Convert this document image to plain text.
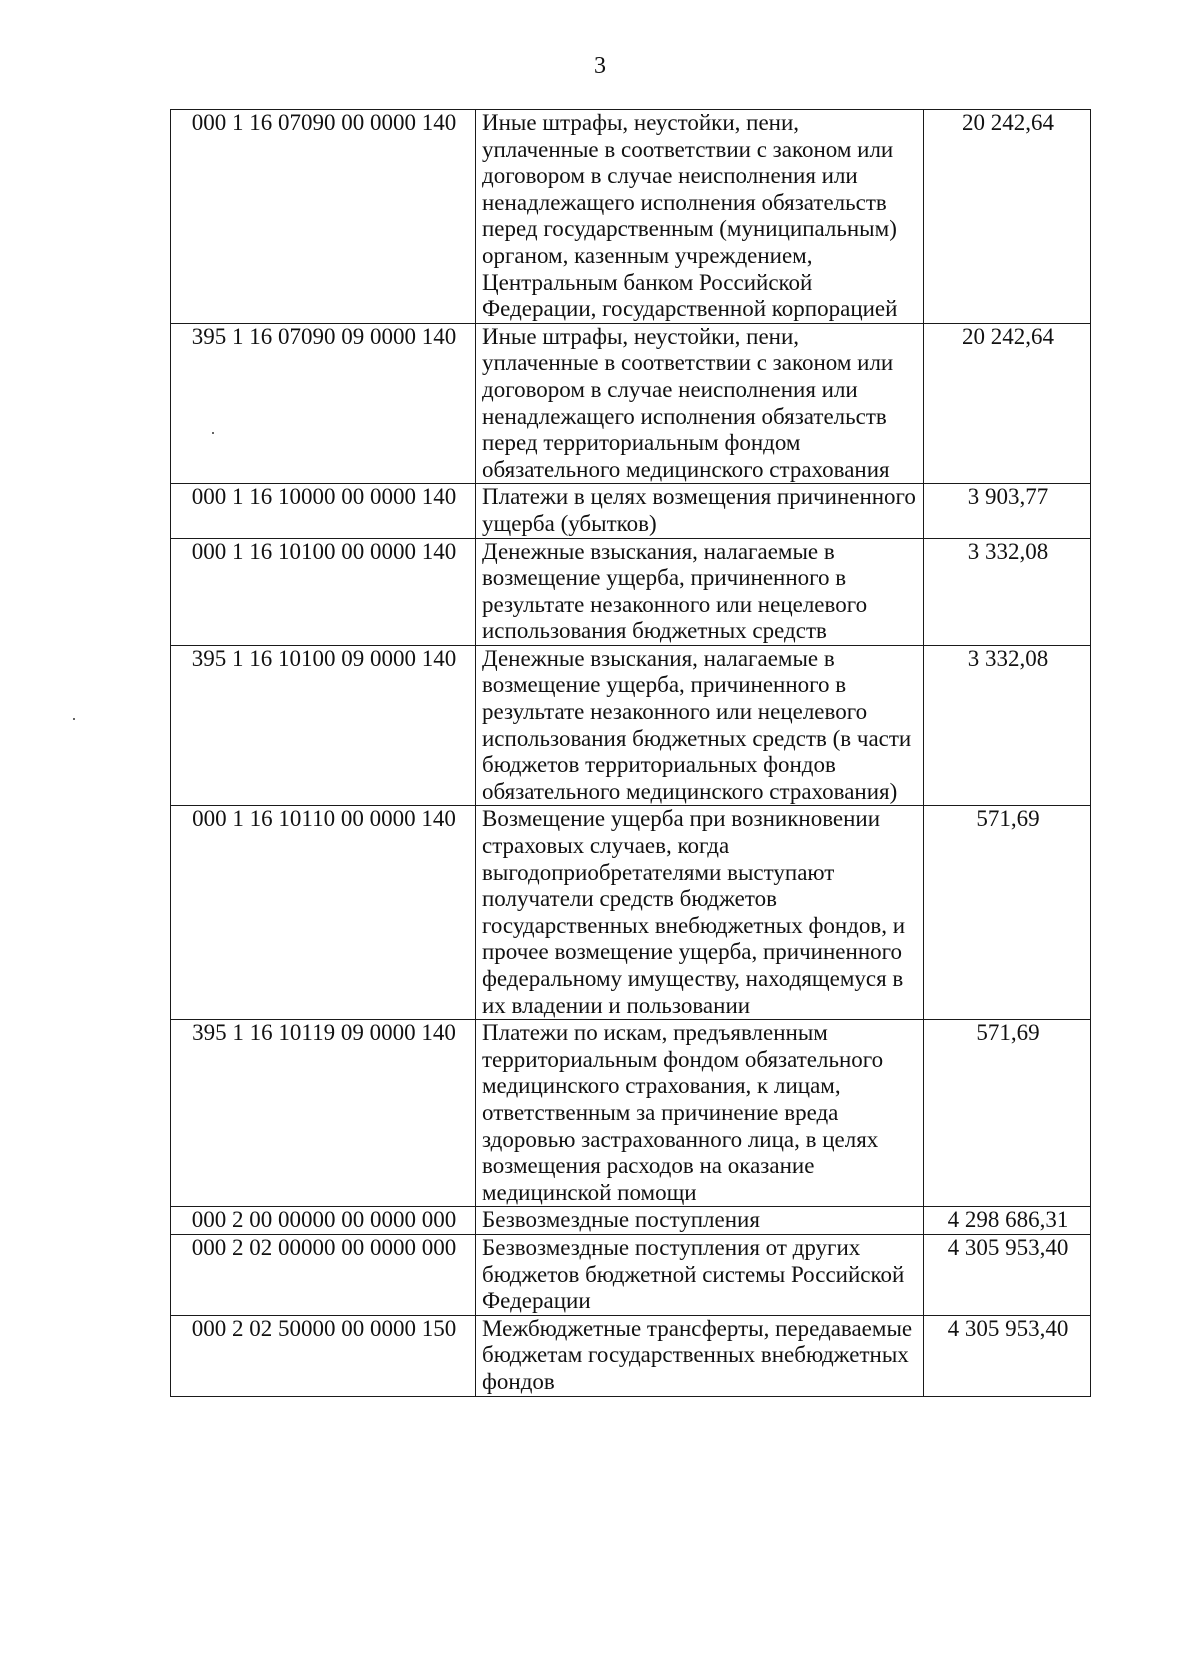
3
000 1 16 07090 00 0000 140	Иные штрафы, неустойки, пени, уплаченные в соответствии с законом или договором в случае неисполнения или ненадлежащего исполнения обязательств перед государственным (муниципальным) органом, казенным учреждением, Центральным банком Российской Федерации, государственной корпорацией	20 242,64
395 1 16 07090 09 0000 140	Иные штрафы, неустойки, пени, уплаченные в соответствии с законом или договором в случае неисполнения или ненадлежащего исполнения обязательств перед территориальным фондом обязательного медицинского страхования	20 242,64
000 1 16 10000 00 0000 140	Платежи в целях возмещения причиненного ущерба (убытков)	3 903,77
000 1 16 10100 00 0000 140	Денежные взыскания, налагаемые в возмещение ущерба, причиненного в результате незаконного или нецелевого использования бюджетных средств	3 332,08
395 1 16 10100 09 0000 140	Денежные взыскания, налагаемые в возмещение ущерба, причиненного в результате незаконного или нецелевого использования бюджетных средств (в части бюджетов территориальных фондов обязательного медицинского страхования)	3 332,08
000 1 16 10110 00 0000 140	Возмещение ущерба при возникновении страховых случаев, когда выгодоприобретателями выступают получатели средств бюджетов государственных внебюджетных фондов, и прочее возмещение ущерба, причиненного федеральному имуществу, находящемуся в их владении и пользовании	571,69
395 1 16 10119 09 0000 140	Платежи по искам, предъявленным территориальным фондом обязательного медицинского страхования, к лицам, ответственным за причинение вреда здоровью застрахованного лица, в целях возмещения расходов на оказание медицинской помощи	571,69
000 2 00 00000 00 0000 000	Безвозмездные поступления	4 298 686,31
000 2 02 00000 00 0000 000	Безвозмездные поступления от других бюджетов бюджетной системы Российской Федерации	4 305 953,40
000 2 02 50000 00 0000 150	Межбюджетные трансферты, передаваемые бюджетам государственных внебюджетных фондов	4 305 953,40
